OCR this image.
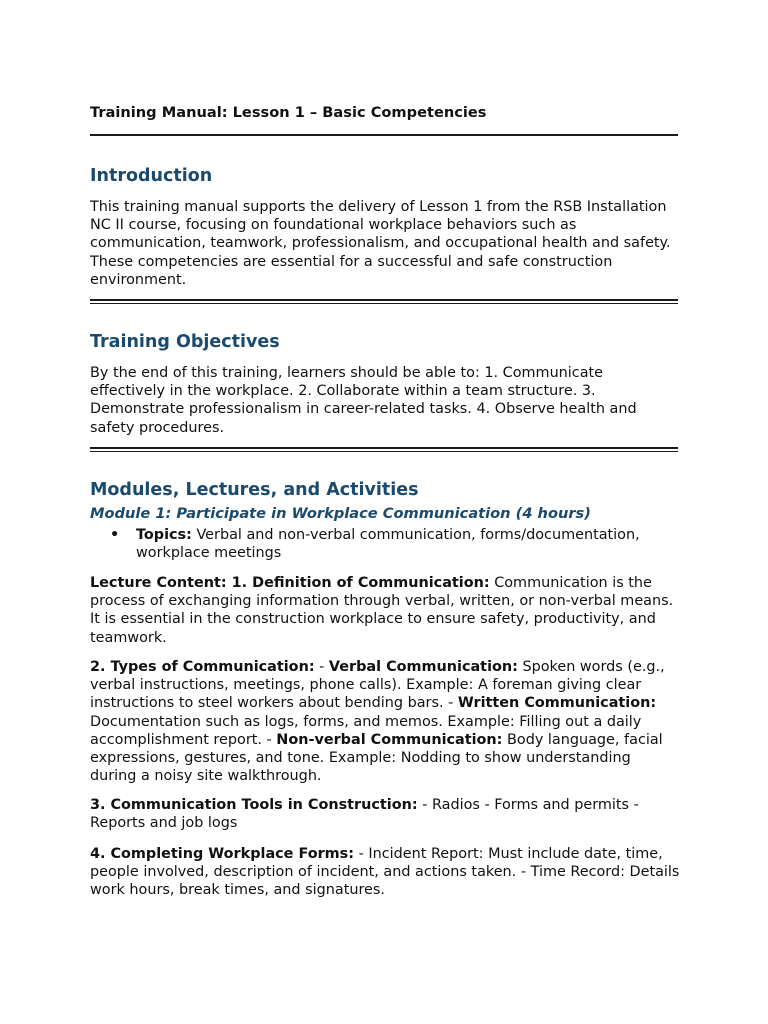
Training Manual: Lesson 1 – Basic Competencies
Introduction

This training manual supports the delivery of Lesson 1 from the RSB Installation NC II course, focusing on foundational workplace behaviors such as communication, teamwork, professionalism, and occupational health and safety. These competencies are essential for a successful and safe construction environment.

Training Objectives

By the end of this training, learners should be able to: 1. Communicate effectively in the workplace. 2. Collaborate within a team structure. 3. Demonstrate professionalism in career-related tasks. 4. Observe health and safety procedures.

Modules, Lectures, and Activities
Module 1: Participate in Workplace Communication (4 hours)
• Topics: Verbal and non-verbal communication, forms/documentation, workplace meetings

Lecture Content: 1. Definition of Communication: Communication is the process of exchanging information through verbal, written, or non-verbal means. It is essential in the construction workplace to ensure safety, productivity, and teamwork.

2. Types of Communication: - Verbal Communication: Spoken words (e.g., verbal instructions, meetings, phone calls). Example: A foreman giving clear instructions to steel workers about bending bars. - Written Communication: Documentation such as logs, forms, and memos. Example: Filling out a daily accomplishment report. - Non-verbal Communication: Body language, facial expressions, gestures, and tone. Example: Nodding to show understanding during a noisy site walkthrough.

3. Communication Tools in Construction: - Radios - Forms and permits - Reports and job logs

4. Completing Workplace Forms: - Incident Report: Must include date, time, people involved, description of incident, and actions taken. - Time Record: Details work hours, break times, and signatures.
